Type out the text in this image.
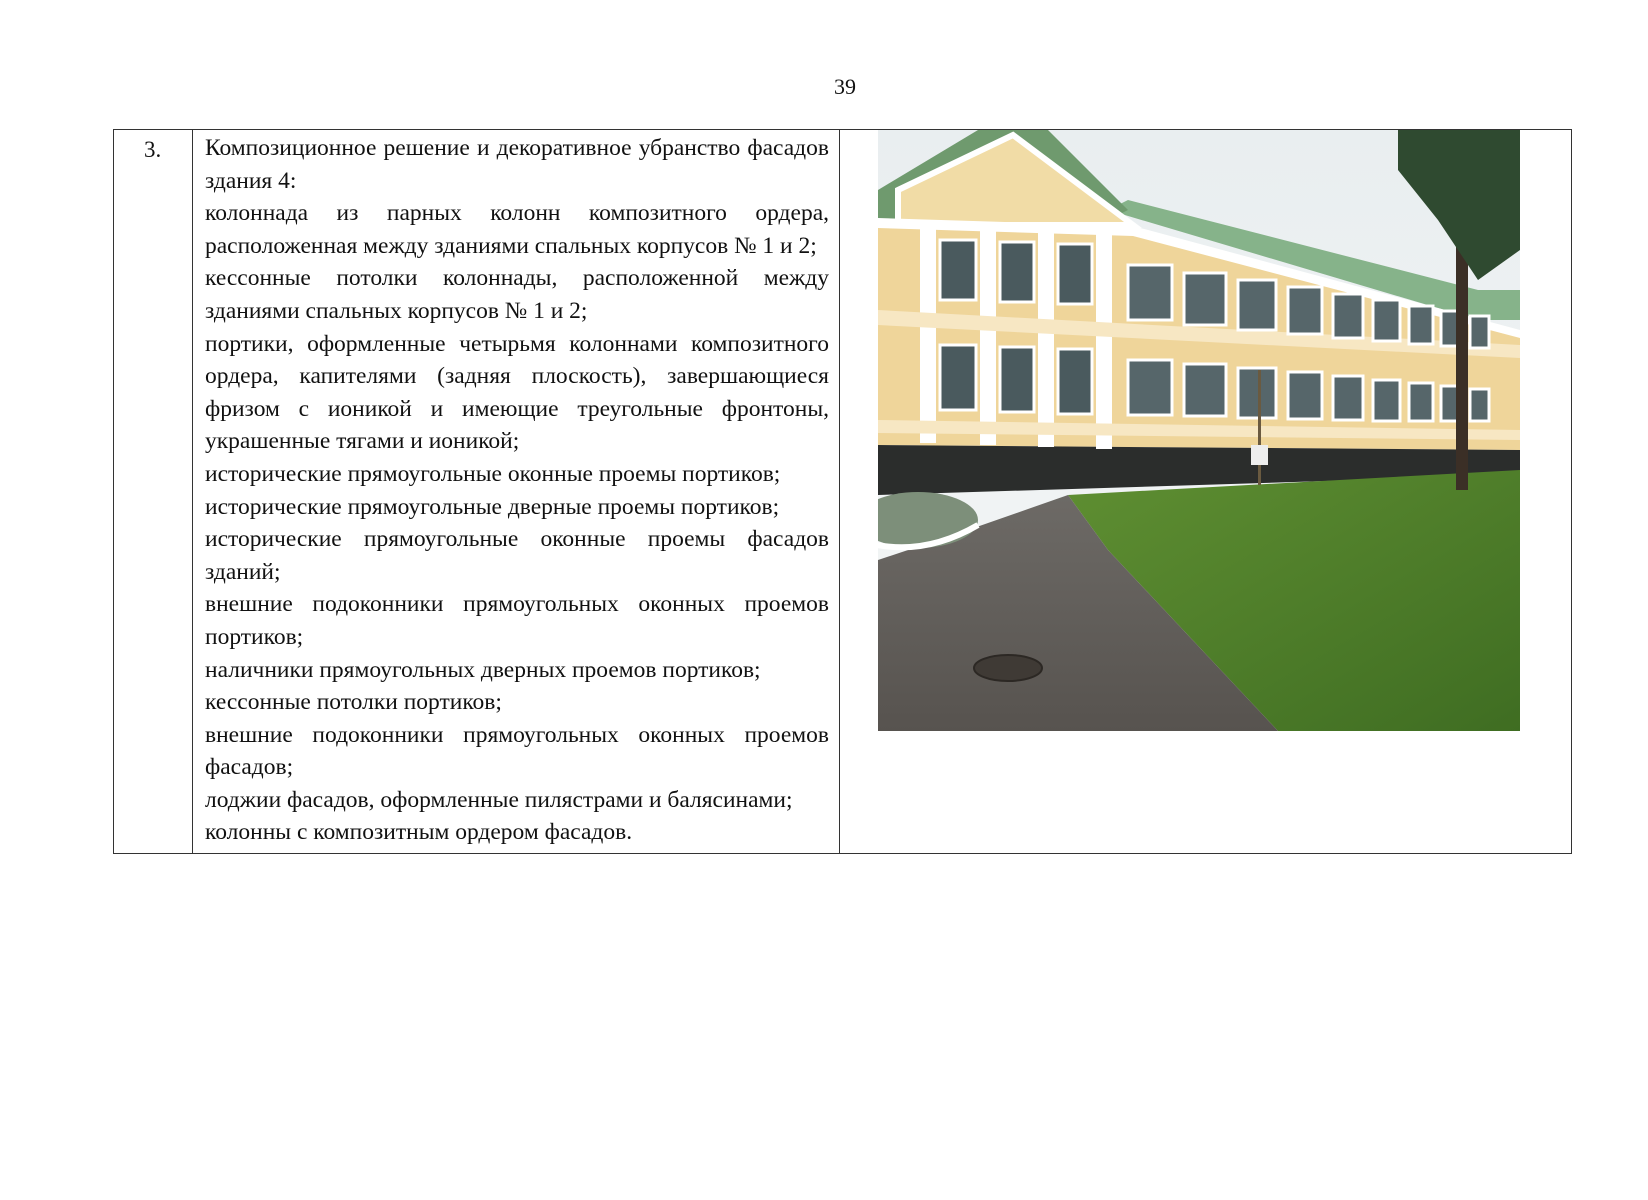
39
3.	Композиционное решение и декоративное убранство фасадов здания 4:

колоннада из парных колонн композитного ордера, расположенная между зданиями спальных корпусов № 1 и 2;

кессонные потолки колоннады, расположенной между зданиями спальных корпусов № 1 и 2;

портики, оформленные четырьмя колоннами композитного ордера, капителями (задняя плоскость), завершающиеся фризом с ионикой и имеющие треугольные фронтоны, украшенные тягами и ионикой;

исторические прямоугольные оконные проемы портиков;

исторические прямоугольные дверные проемы портиков;

исторические прямоугольные оконные проемы фасадов зданий;

внешние подоконники прямоугольных оконных проемов портиков;

наличники прямоугольных дверных проемов портиков;

кессонные потолки портиков;

внешние подоконники прямоугольных оконных проемов фасадов;

лоджии фасадов, оформленные пилястрами и балясинами;

колонны с композитным ордером фасадов.
